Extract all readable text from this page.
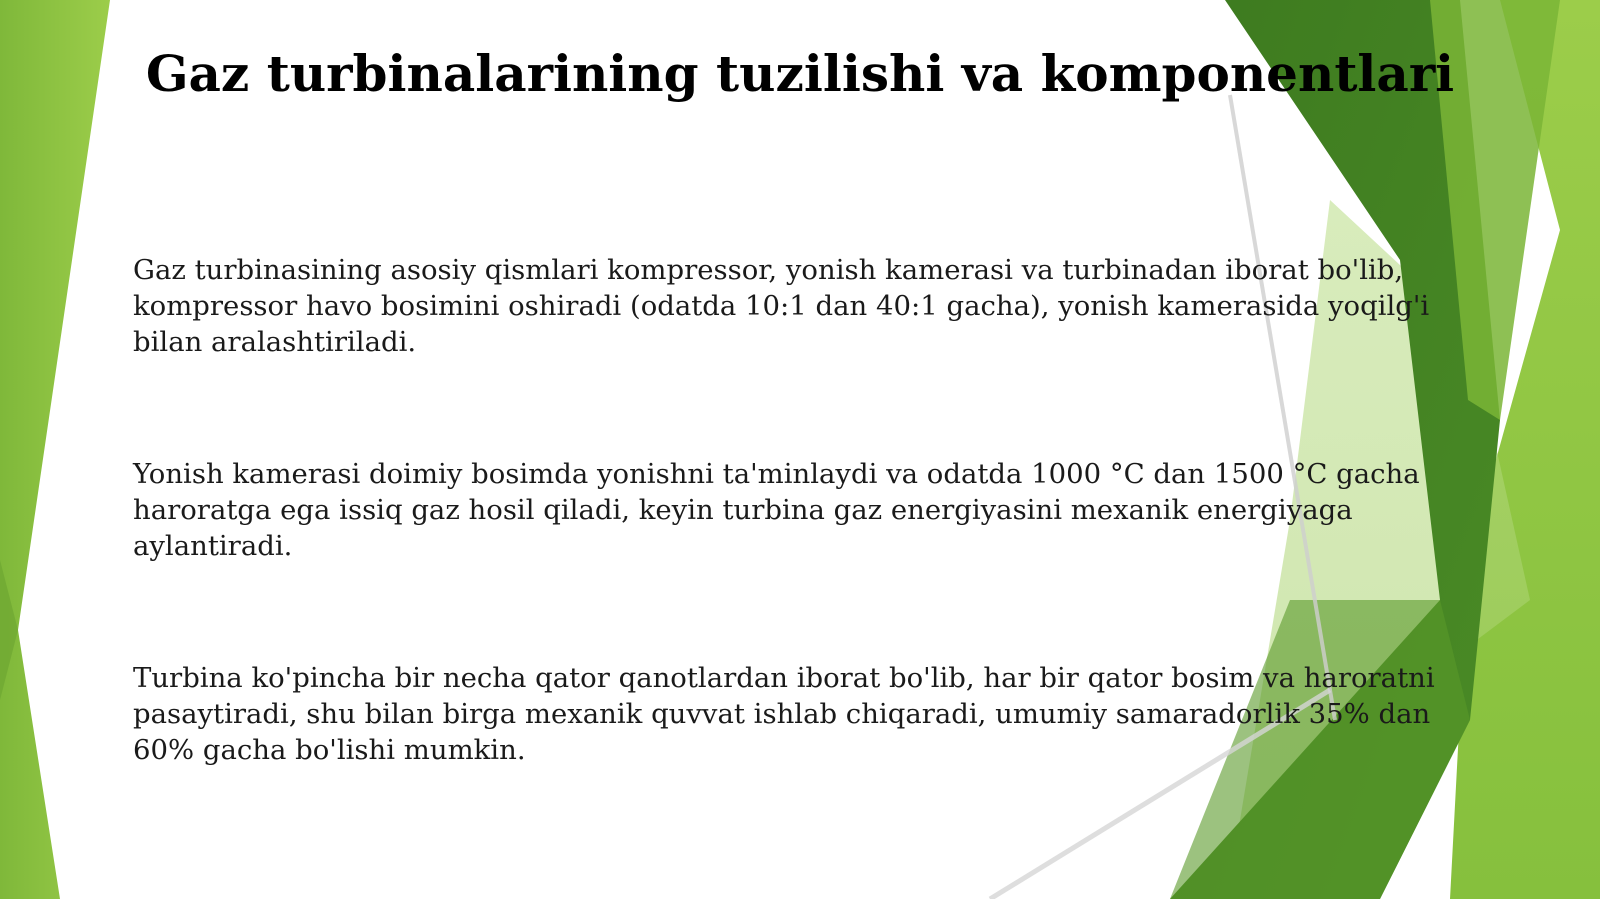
Gaz turbinalarining tuzilishi va komponentlari

Gaz turbinasining asosiy qismlari kompressor, yonish kamerasi va turbinadan iborat bo'lib, kompressor havo bosimini oshiradi (odatda 10:1 dan 40:1 gacha), yonish kamerasida yoqilg'i bilan aralashtiriladi.

Yonish kamerasi doimiy bosimda yonishni ta'minlaydi va odatda 1000 °C dan 1500 °C gacha haroratga ega issiq gaz hosil qiladi, keyin turbina gaz energiyasini mexanik energiyaga aylantiradi.

Turbina ko'pincha bir necha qator qanotlardan iborat bo'lib, har bir qator bosim va haroratni pasaytiradi, shu bilan birga mexanik quvvat ishlab chiqaradi, umumiy samaradorlik 35% dan 60% gacha bo'lishi mumkin.
